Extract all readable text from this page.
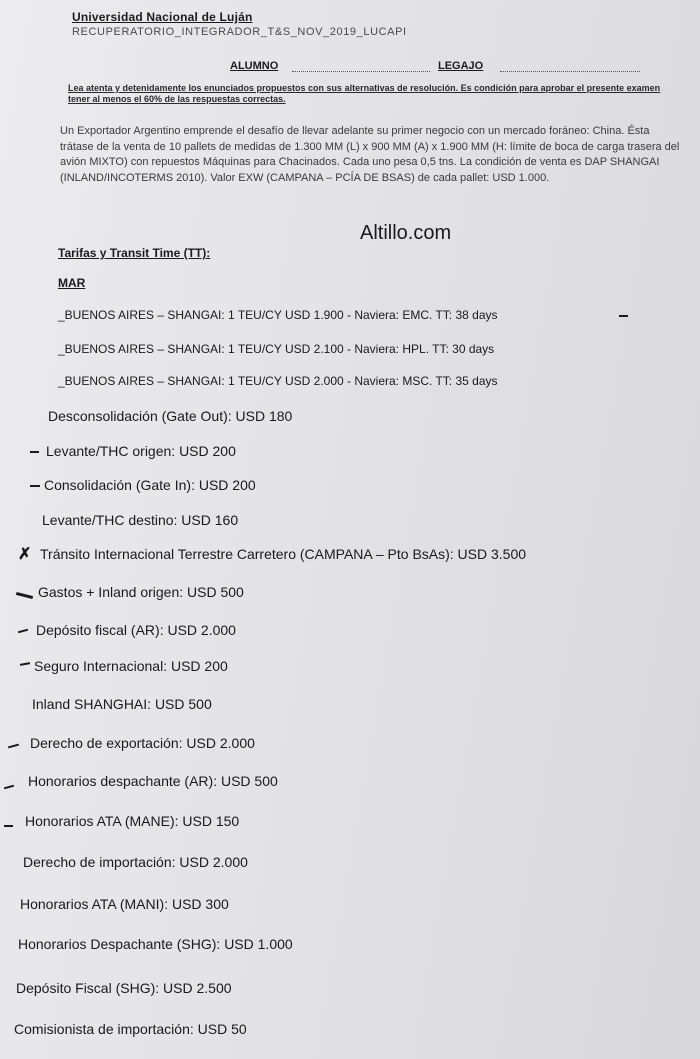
Universidad Nacional de Luján
RECUPERATORIO_INTEGRADOR_T&S_NOV_2019_LUCAPI
ALUMNO	LEGAJO
Lea atenta y detenidamente los enunciados propuestos con sus alternativas de resolución. Es condición para aprobar el presente examen tener al menos el 60% de las respuestas correctas.
Un Exportador Argentino emprende el desafío de llevar adelante su primer negocio con un mercado foráneo: China. Ésta trátase de la venta de 10 pallets de medidas de 1.300 MM (L) x 900 MM (A) x 1.900 MM (H: límite de boca de carga trasera del avión MIXTO) con repuestos Máquinas para Chacinados. Cada uno pesa 0,5 tns. La condición de venta es DAP SHANGAI (INLAND/INCOTERMS 2010). Valor EXW (CAMPANA – PCÍA DE BSAS) de cada pallet: USD 1.000.
Altillo.com
Tarifas y Transit Time (TT):
MAR
_BUENOS AIRES – SHANGAI: 1 TEU/CY USD 1.900 - Naviera: EMC. TT: 38 days
_BUENOS AIRES – SHANGAI: 1 TEU/CY USD 2.100 - Naviera: HPL. TT: 30 days
_BUENOS AIRES – SHANGAI: 1 TEU/CY USD 2.000 - Naviera: MSC. TT: 35 days
Desconsolidación (Gate Out): USD 180
Levante/THC origen: USD 200
Consolidación (Gate In): USD 200
Levante/THC destino: USD 160
✗ Tránsito Internacional Terrestre Carretero (CAMPANA – Pto BsAs): USD 3.500
Gastos + Inland origen: USD 500
Depósito fiscal (AR): USD 2.000
Seguro Internacional: USD 200
Inland SHANGHAI: USD 500
Derecho de exportación: USD 2.000
Honorarios despachante (AR): USD 500
Honorarios ATA (MANE): USD 150
Derecho de importación: USD 2.000
Honorarios ATA (MANI): USD 300
Honorarios Despachante (SHG): USD 1.000
Depósito Fiscal (SHG): USD 2.500
Comisionista de importación: USD 50
